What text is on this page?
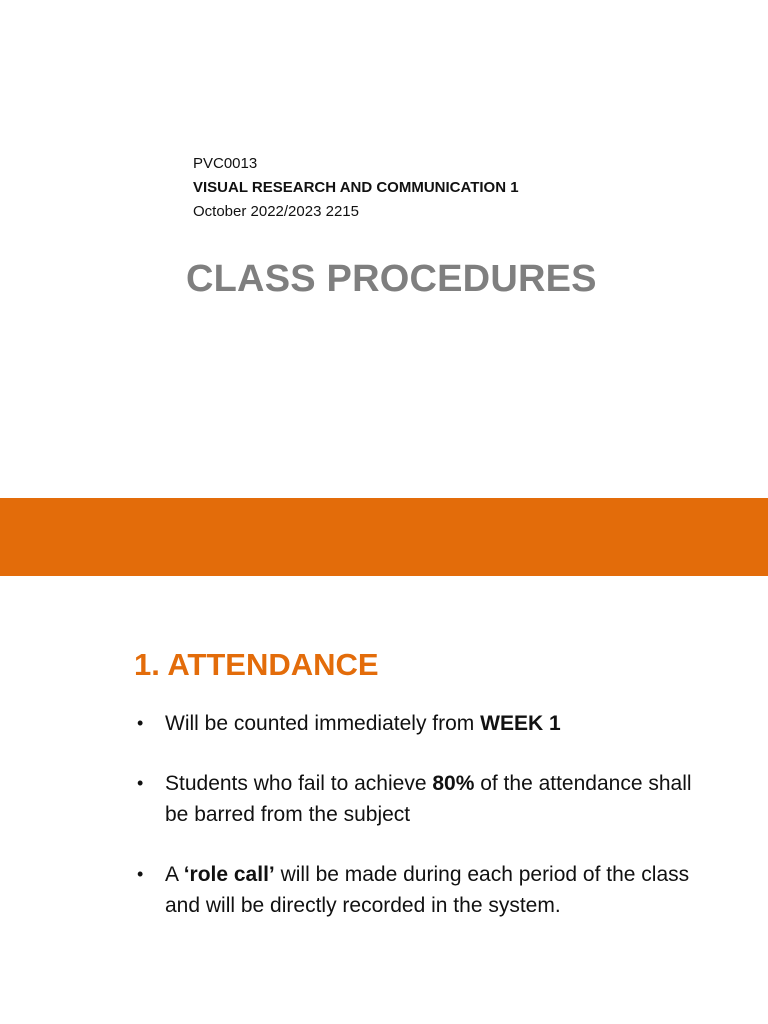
PVC0013
VISUAL RESEARCH AND COMMUNICATION 1
October 2022/2023 2215
CLASS PROCEDURES
1. ATTENDANCE
• Will be counted immediately from WEEK 1
• Students who fail to achieve 80% of the attendance shall be barred from the subject
• A ‘role call’ will be made during each period of the class and will be directly recorded in the system.
